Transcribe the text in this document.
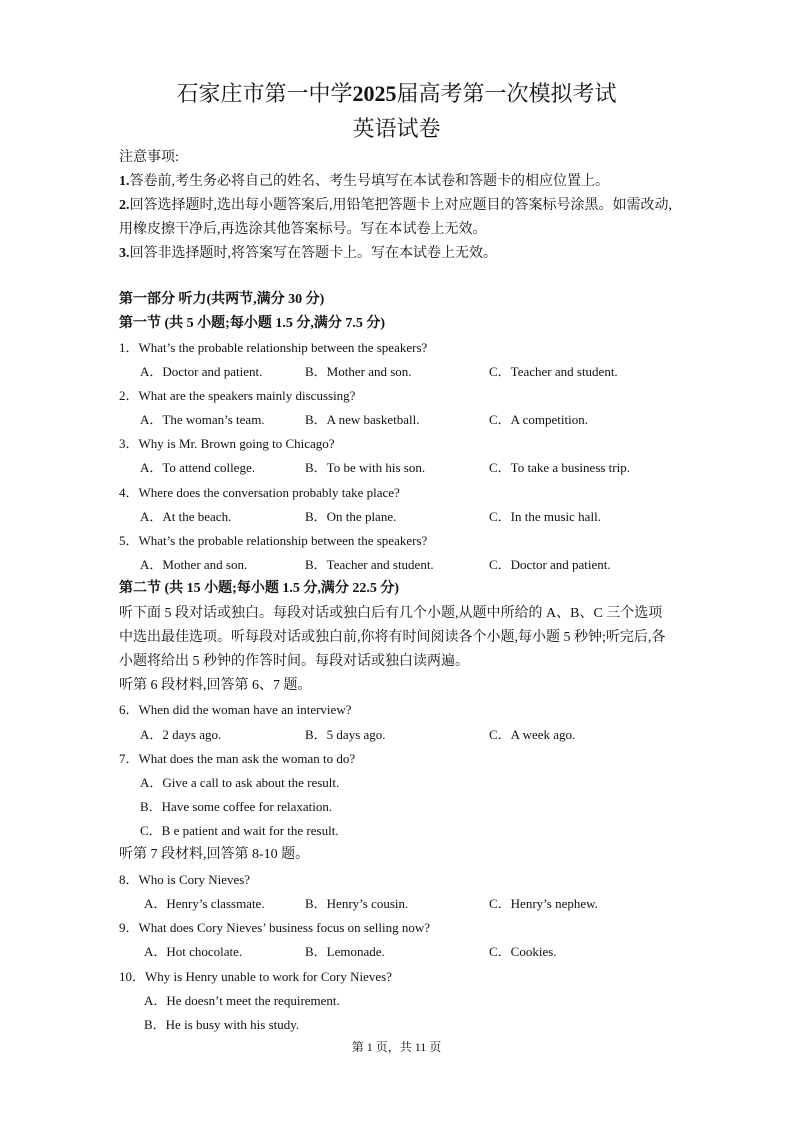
石家庄市第一中学2025届高考第一次模拟考试
英语试卷
注意事项:
1.答卷前,考生务必将自己的姓名、考生号填写在本试卷和答题卡的相应位置上。
2.回答选择题时,选出每小题答案后,用铅笔把答题卡上对应题目的答案标号涂黑。如需改动,
用橡皮擦干净后,再选涂其他答案标号。写在本试卷上无效。
3.回答非选择题时,将答案写在答题卡上。写在本试卷上无效。
第一部分 听力(共两节,满分 30 分)
第一节 (共 5 小题;每小题 1.5 分,满分 7.5 分)
1．What’s the probable relationship between the speakers?
A．Doctor and patient.	B．Mother and son.	C．Teacher and student.
2．What are the speakers mainly discussing?
A．The woman’s team.	B．A new basketball.	C．A competition.
3．Why is Mr. Brown going to Chicago?
A．To attend college.	B．To be with his son.	C．To take a business trip.
4．Where does the conversation probably take place?
A．At the beach.	B．On the plane.	C．In the music hall.
5．What’s the probable relationship between the speakers?
A．Mother and son.	B．Teacher and student.	C．Doctor and patient.
第二节 (共 15 小题;每小题 1.5 分,满分 22.5 分)
听下面 5 段对话或独白。每段对话或独白后有几个小题,从题中所给的 A、B、C 三个选项
中选出最佳选项。听每段对话或独白前,你将有时间阅读各个小题,每小题 5 秒钟;听完后,各
小题将给出 5 秒钟的作答时间。每段对话或独白读两遍。
听第 6 段材料,回答第 6、7 题。
6．When did the woman have an interview?
A．2 days ago.	B．5 days ago.	C．A week ago.
7．What does the man ask the woman to do?
A．Give a call to ask about the result.
B．Have some coffee for relaxation.
C．B e patient and wait for the result.
听第 7 段材料,回答第 8-10 题。
8．Who is Cory Nieves?
A．Henry’s classmate.	B．Henry’s cousin.	C．Henry’s nephew.
9．What does Cory Nieves’ business focus on selling now?
A．Hot chocolate.	B．Lemonade.	C．Cookies.
10．Why is Henry unable to work for Cory Nieves?
A．He doesn’t meet the requirement.
B．He is busy with his study.
第 1 页，共 11 页
